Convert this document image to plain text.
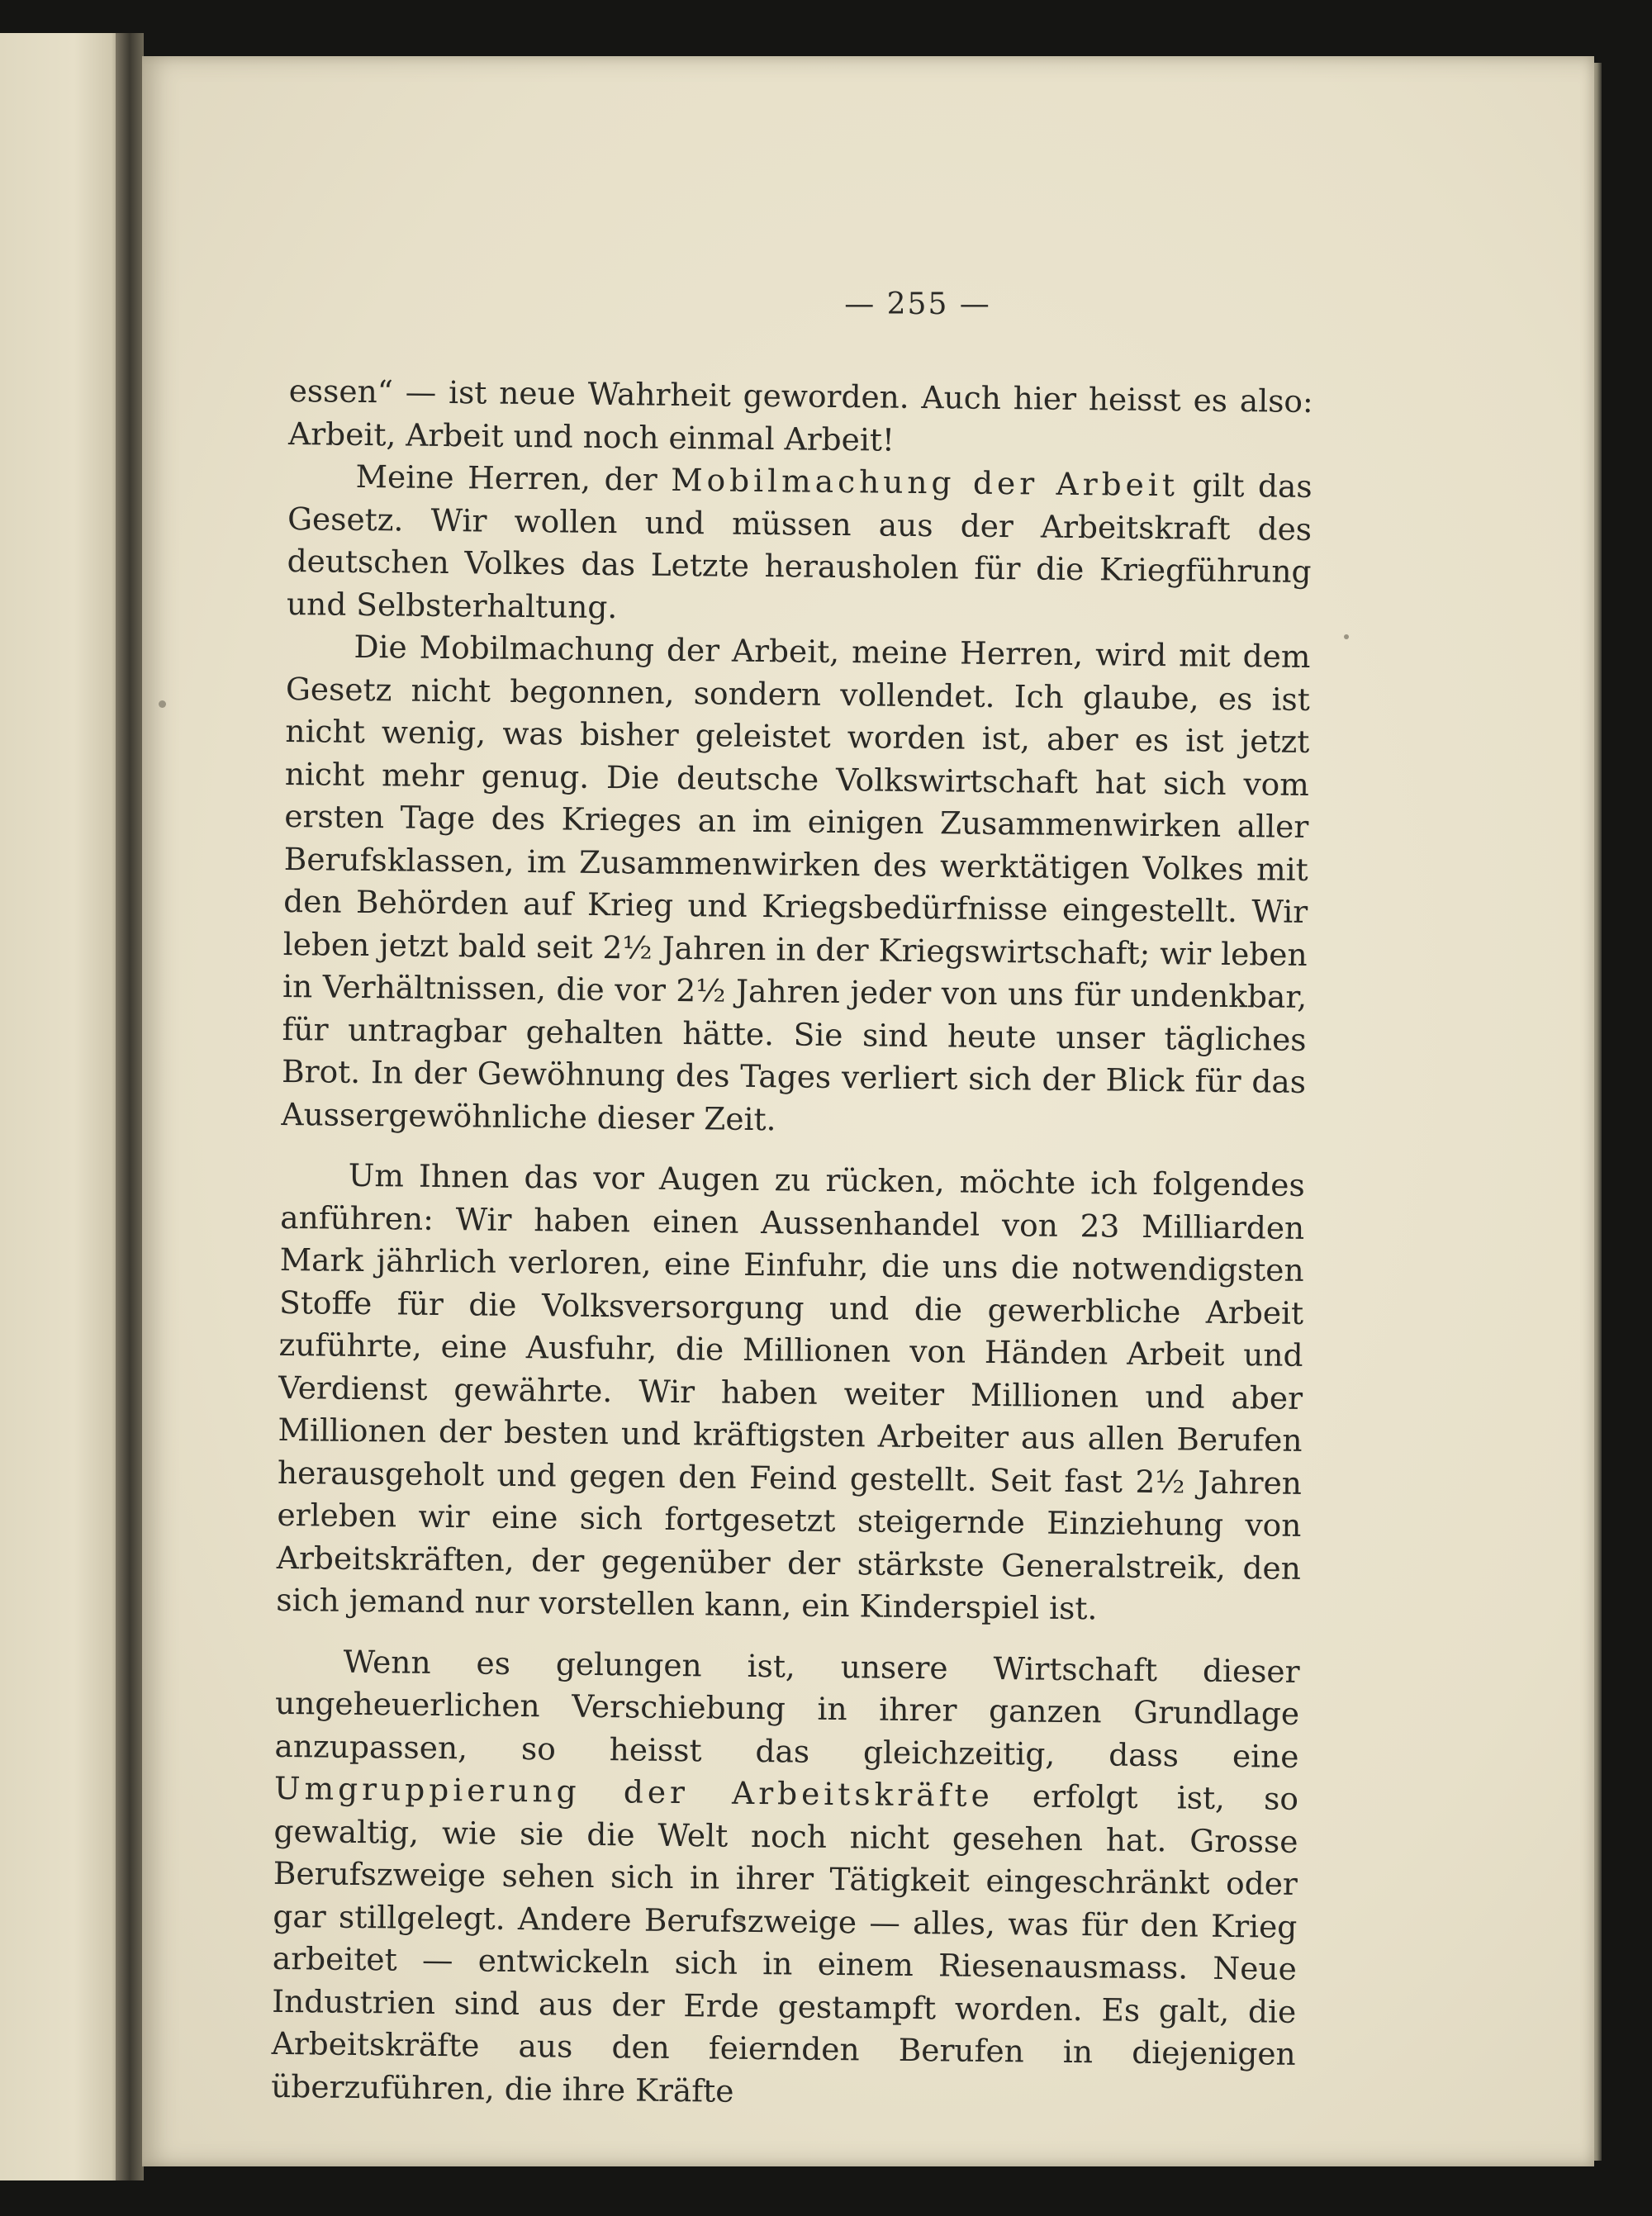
— 255 —

essen“ — ist neue Wahrheit geworden. Auch hier heisst es also: Arbeit, Arbeit und noch einmal Arbeit!

Meine Herren, der Mobilmachung der Arbeit gilt das Gesetz. Wir wollen und müssen aus der Arbeitskraft des deutschen Volkes das Letzte herausholen für die Kriegführung und Selbsterhaltung.

Die Mobilmachung der Arbeit, meine Herren, wird mit dem Gesetz nicht begonnen, sondern vollendet. Ich glaube, es ist nicht wenig, was bisher geleistet worden ist, aber es ist jetzt nicht mehr genug. Die deutsche Volkswirtschaft hat sich vom ersten Tage des Krieges an im einigen Zusammenwirken aller Berufsklassen, im Zusammenwirken des werktätigen Volkes mit den Behörden auf Krieg und Kriegsbedürfnisse eingestellt. Wir leben jetzt bald seit 2½ Jahren in der Kriegswirtschaft; wir leben in Verhältnissen, die vor 2½ Jahren jeder von uns für undenkbar, für untragbar gehalten hätte. Sie sind heute unser tägliches Brot. In der Gewöhnung des Tages verliert sich der Blick für das Aussergewöhnliche dieser Zeit.

Um Ihnen das vor Augen zu rücken, möchte ich folgendes anführen: Wir haben einen Aussenhandel von 23 Milliarden Mark jährlich verloren, eine Einfuhr, die uns die notwendigsten Stoffe für die Volksversorgung und die gewerbliche Arbeit zuführte, eine Ausfuhr, die Millionen von Händen Arbeit und Verdienst gewährte. Wir haben weiter Millionen und aber Millionen der besten und kräftigsten Arbeiter aus allen Berufen herausgeholt und gegen den Feind gestellt. Seit fast 2½ Jahren erleben wir eine sich fortgesetzt steigernde Einziehung von Arbeitskräften, der gegenüber der stärkste Generalstreik, den sich jemand nur vorstellen kann, ein Kinderspiel ist.

Wenn es gelungen ist, unsere Wirtschaft dieser ungeheuerlichen Verschiebung in ihrer ganzen Grundlage anzupassen, so heisst das gleichzeitig, dass eine Umgruppierung der Arbeitskräfte erfolgt ist, so gewaltig, wie sie die Welt noch nicht gesehen hat. Grosse Berufszweige sehen sich in ihrer Tätigkeit eingeschränkt oder gar stillgelegt. Andere Berufszweige — alles, was für den Krieg arbeitet — entwickeln sich in einem Riesenausmass. Neue Industrien sind aus der Erde gestampft worden. Es galt, die Arbeitskräfte aus den feiernden Berufen in diejenigen überzuführen, die ihre Kräfte
